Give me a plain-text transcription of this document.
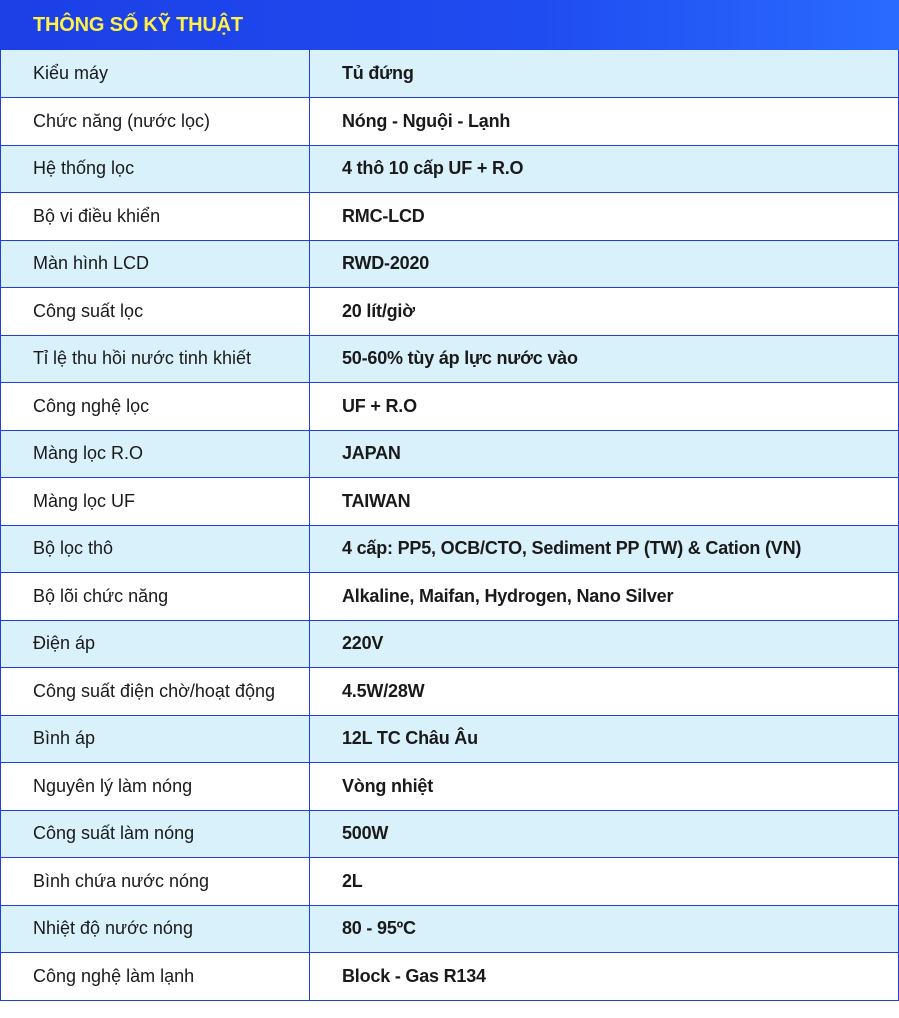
THÔNG SỐ KỸ THUẬT
Kiểu máy	Tủ đứng
Chức năng (nước lọc)	Nóng - Nguội - Lạnh
Hệ thống lọc	4 thô 10 cấp UF + R.O
Bộ vi điều khiển	RMC-LCD
Màn hình LCD	RWD-2020
Công suất lọc	20 lít/giờ
Tỉ lệ thu hồi nước tinh khiết	50-60% tùy áp lực nước vào
Công nghệ lọc	UF + R.O
Màng lọc R.O	JAPAN
Màng lọc UF	TAIWAN
Bộ lọc thô	4 cấp: PP5, OCB/CTO, Sediment PP (TW) & Cation (VN)
Bộ lõi chức năng	Alkaline, Maifan, Hydrogen, Nano Silver
Điện áp	220V
Công suất điện chờ/hoạt động	4.5W/28W
Bình áp	12L TC Châu Âu
Nguyên lý làm nóng	Vòng nhiệt
Công suất làm nóng	500W
Bình chứa nước nóng	2L
Nhiệt độ nước nóng	80 - 95ºC
Công nghệ làm lạnh	Block - Gas R134
